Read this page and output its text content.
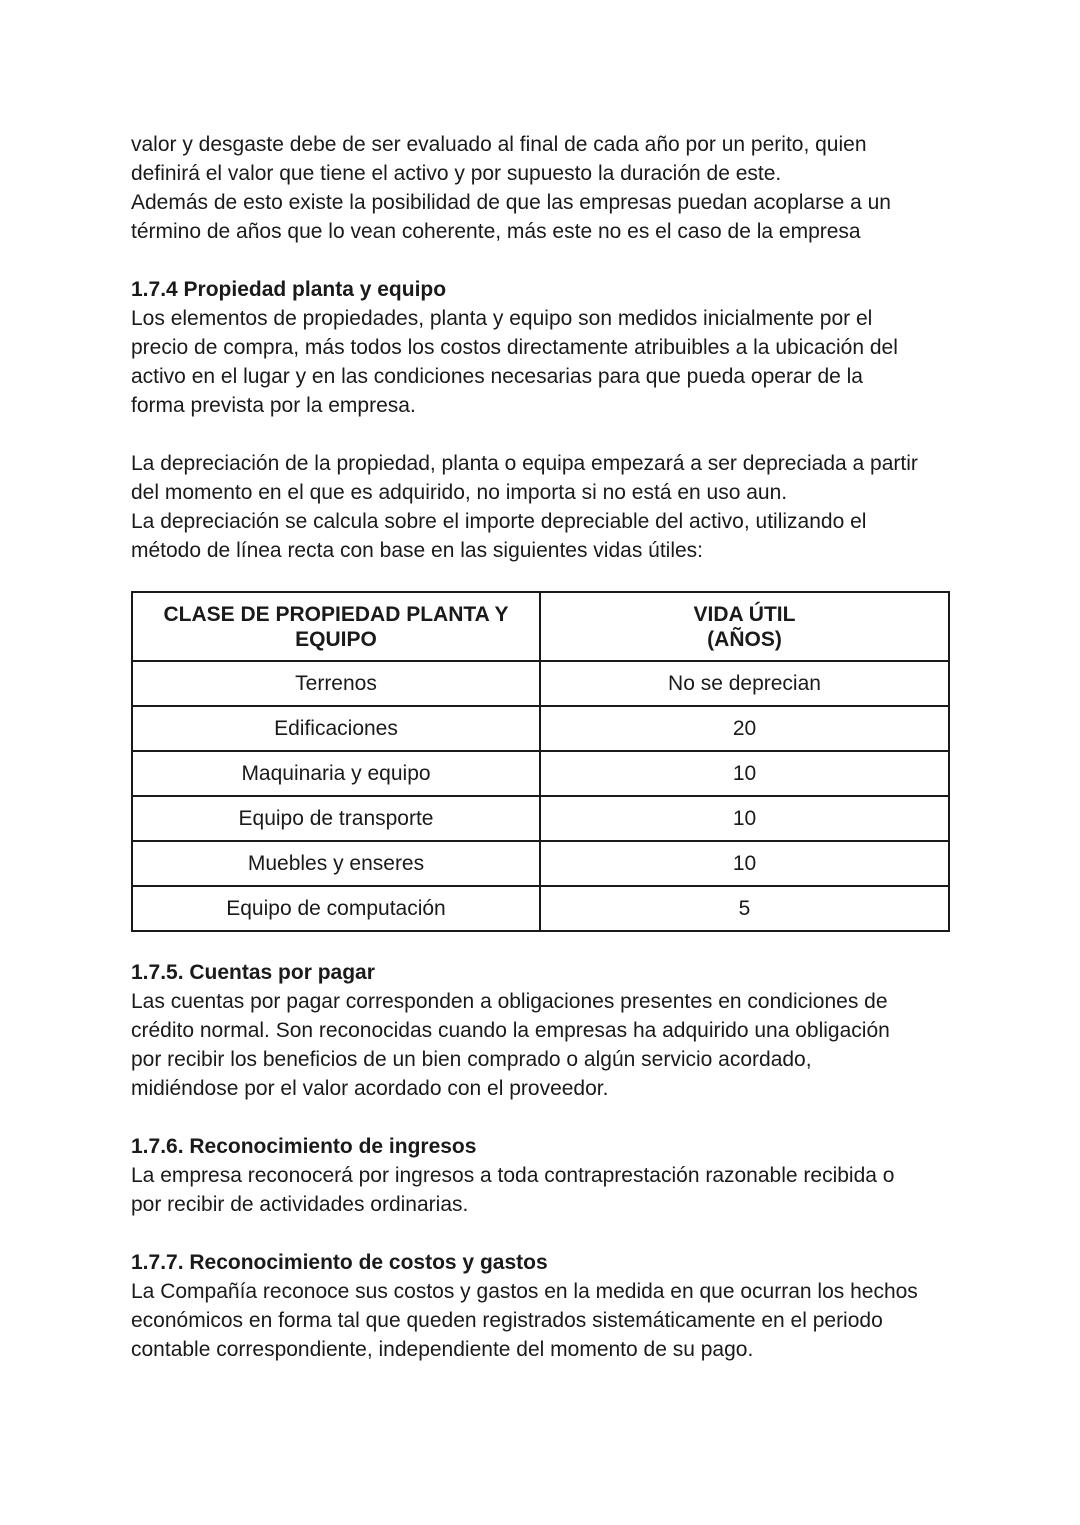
valor y desgaste debe de ser evaluado al final de cada año por un perito, quien
definirá el valor que tiene el activo y por supuesto la duración de este.
Además de esto existe la posibilidad de que las empresas puedan acoplarse a un
término de años que lo vean coherente, más este no es el caso de la empresa

1.7.4 Propiedad planta y equipo

Los elementos de propiedades, planta y equipo son medidos inicialmente por el
precio de compra, más todos los costos directamente atribuibles a la ubicación del
activo en el lugar y en las condiciones necesarias para que pueda operar de la
forma prevista por la empresa.

La depreciación de la propiedad, planta o equipa empezará a ser depreciada a partir
del momento en el que es adquirido, no importa si no está en uso aun.
La depreciación se calcula sobre el importe depreciable del activo, utilizando el
método de línea recta con base en las siguientes vidas útiles:

CLASE DE PROPIEDAD PLANTA Y
EQUIPO	VIDA ÚTIL
(AÑOS)
Terrenos	No se deprecian
Edificaciones	20
Maquinaria y equipo	10
Equipo de transporte	10
Muebles y enseres	10
Equipo de computación	5
1.7.5. Cuentas por pagar

Las cuentas por pagar corresponden a obligaciones presentes en condiciones de
crédito normal. Son reconocidas cuando la empresas ha adquirido una obligación
por recibir los beneficios de un bien comprado o algún servicio acordado,
midiéndose por el valor acordado con el proveedor.

1.7.6. Reconocimiento de ingresos

La empresa reconocerá por ingresos a toda contraprestación razonable recibida o
por recibir de actividades ordinarias.

1.7.7. Reconocimiento de costos y gastos

La Compañía reconoce sus costos y gastos en la medida en que ocurran los hechos
económicos en forma tal que queden registrados sistemáticamente en el periodo
contable correspondiente, independiente del momento de su pago.
